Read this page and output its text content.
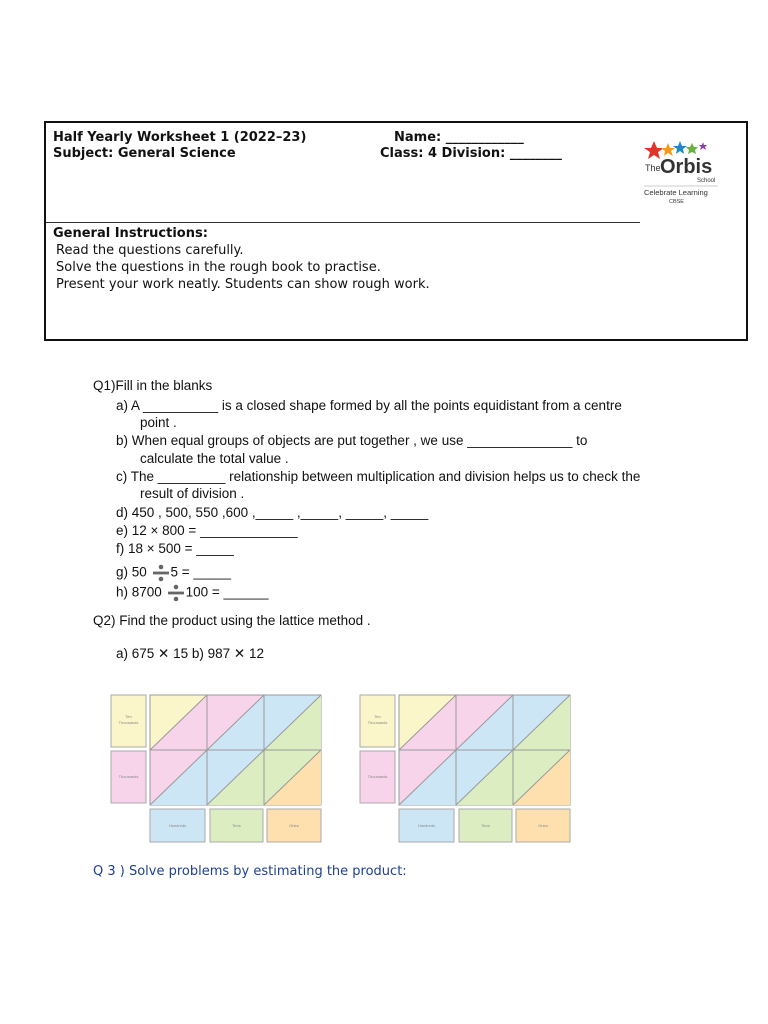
Half Yearly Worksheet 1 (2022–23)
Subject: General Science
Name: ____________
Class: 4 Division: ________
The Orbis
School
Celebrate Learning
CBSE
General Instructions:
Read the questions carefully.
Solve the questions in the rough book to practise.
Present your work neatly. Students can show rough work.
Q1)Fill in the blanks
a) A __________ is a closed shape formed by all the points equidistant from a centre
point .
b) When equal groups of objects are put together , we use ______________ to
calculate the total value .
c) The _________ relationship between multiplication and division helps us to check the
result of division .
d) 450 , 500, 550 ,600 ,_____ ,_____, _____, _____
e) 12 × 800 = _____________
f) 18 × 500 = _____
g) 50 5 = _____
h) 8700 100 = ______
Q2) Find the product using the lattice method .
a) 675 ✕ 15 b) 987 ✕ 12
Ten
Thousands
Thousands
Hundreds	Tens	Ones
Ten
Thousands
Thousands
Hundreds	Tens	Ones
Q 3 ) Solve problems by estimating the product:
